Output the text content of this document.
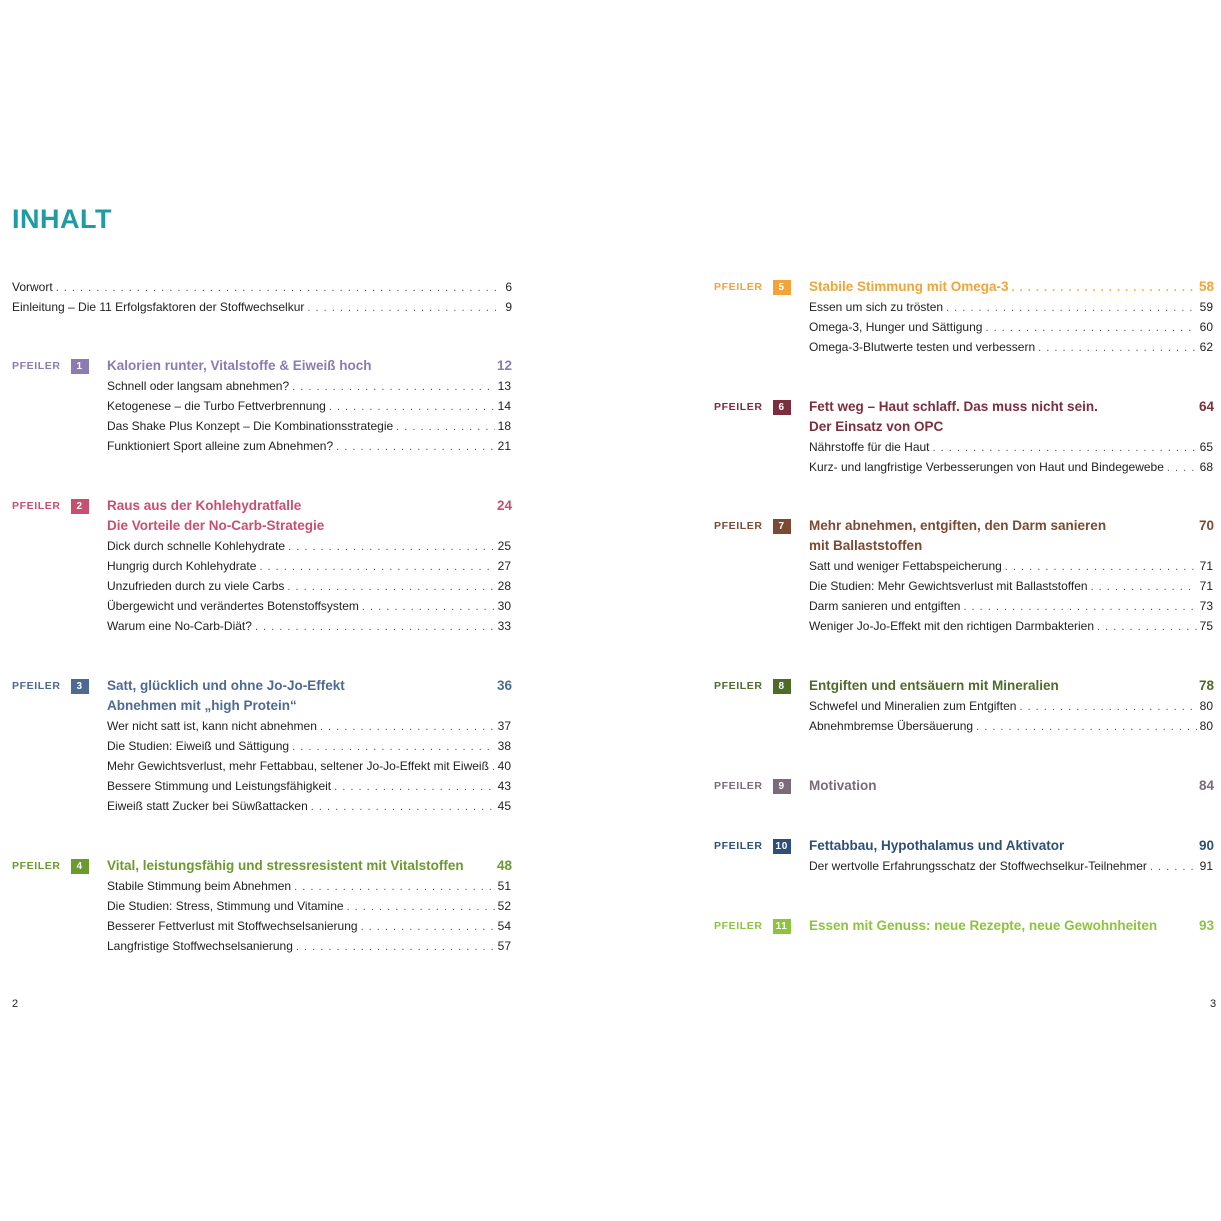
INHALT
Vorwort . . .	6
Einleitung – Die 11 Erfolgsfaktoren der Stoffwechselkur . . .	9
PFEILER	1	Kalorien runter, Vitalstoffe & Eiweiß hoch	12
Schnell oder langsam abnehmen? . . .	13
Ketogenese – die Turbo Fettverbrennung . . .	14
Das Shake Plus Konzept – Die Kombinationsstrategie . . .	18
Funktioniert Sport alleine zum Abnehmen? . . .	21
PFEILER	2	Raus aus der Kohlehydratfalle	24
Die Vorteile der No-Carb-Strategie
Dick durch schnelle Kohlehydrate . . .	25
Hungrig durch Kohlehydrate . . .	27
Unzufrieden durch zu viele Carbs . . .	28
Übergewicht und verändertes Botenstoffsystem . . .	30
Warum eine No-Carb-Diät? . . .	33
PFEILER	3	Satt, glücklich und ohne Jo-Jo-Effekt	36
Abnehmen mit „high Protein“
Wer nicht satt ist, kann nicht abnehmen . . .	37
Die Studien: Eiweiß und Sättigung . . .	38
Mehr Gewichtsverlust, mehr Fettabbau, seltener Jo-Jo-Effekt mit Eiweiß . . . 40
Bessere Stimmung und Leistungsfähigkeit . . .	43
Eiweiß statt Zucker bei Süwßattacken . . .	45
PFEILER	4	Vital, leistungsfähig und stressresistent mit Vitalstoffen 48
Stabile Stimmung beim Abnehmen . . .	51
Die Studien: Stress, Stimmung und Vitamine . . .	52
Besserer Fettverlust mit Stoffwechselsanierung . . .	54
Langfristige Stoffwechselsanierung . . .	57
PFEILER	5	Stabile Stimmung mit Omega-3 . . .	58
Essen um sich zu trösten . . .	59
Omega-3, Hunger und Sättigung . . .	60
Omega-3-Blutwerte testen und verbessern . . .	62
PFEILER	6	Fett weg – Haut schlaff. Das muss nicht sein.	64
Der Einsatz von OPC
Nährstoffe für die Haut . . .	65
Kurz- und langfristige Verbesserungen von Haut und Bindegewebe . . .	68
PFEILER	7	Mehr abnehmen, entgiften, den Darm sanieren	70
mit Ballaststoffen
Satt und weniger Fettabspeicherung . . .	71
Die Studien: Mehr Gewichtsverlust mit Ballaststoffen . . .	71
Darm sanieren und entgiften . . .	73
Weniger Jo-Jo-Effekt mit den richtigen Darmbakterien . . .	75
PFEILER	8	Entgiften und entsäuern mit Mineralien	78
Schwefel und Mineralien zum Entgiften . . .	80
Abnehmbremse Übersäuerung . . .	80
PFEILER	9	Motivation	84
PFEILER	10 Fettabbau, Hypothalamus und Aktivator	90
Der wertvolle Erfahrungsschatz der Stoffwechselkur-Teilnehmer . . .	91
PFEILER	11 Essen mit Genuss: neue Rezepte, neue Gewohnheiten	93
2	3
